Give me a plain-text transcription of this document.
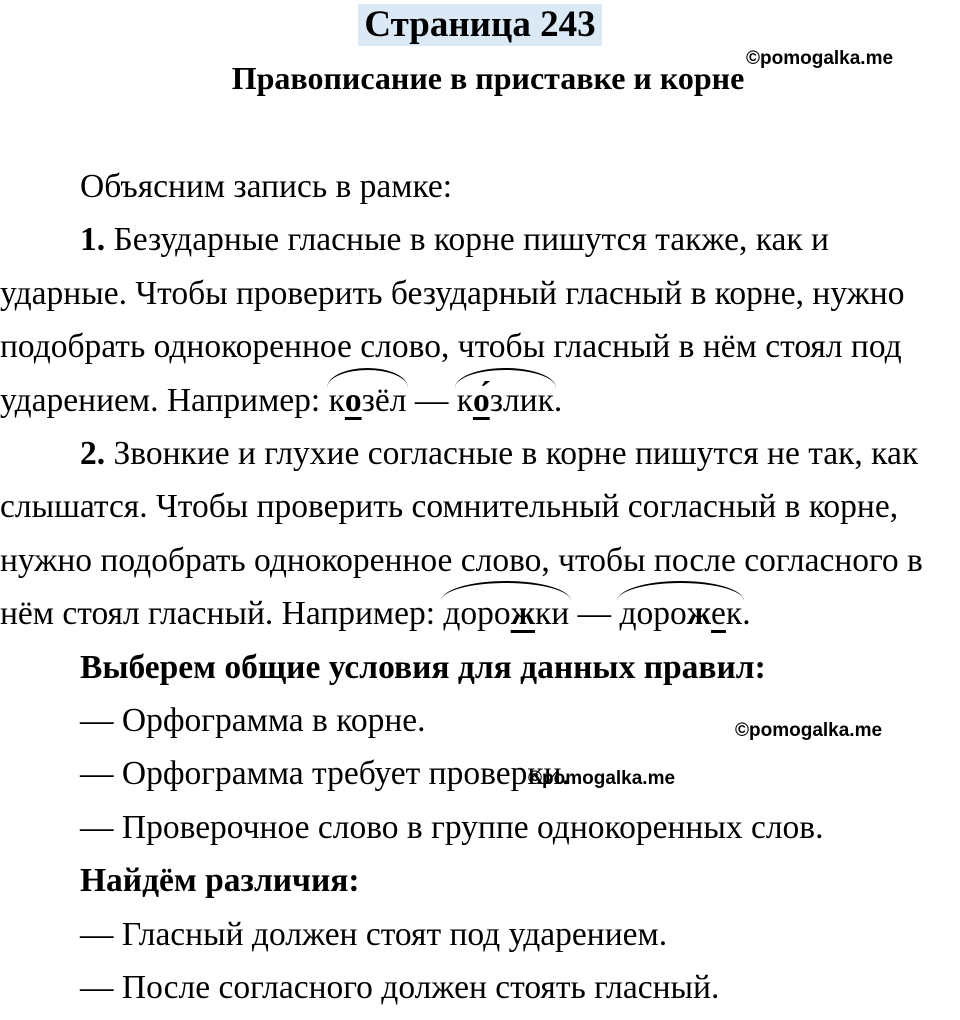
Страница 243
Правописание в приставке и корне
©pomogalka.me
©pomogalka.me
©pomogalka.me

Объясним запись в рамке:

1. Безударные гласные в корне пишутся также, как и ударные. Чтобы проверить безударный гласный в корне, нужно подобрать однокоренное слово, чтобы гласный в нём стоял под ударением. Например:
козёл —
ко́злик.

2. Звонкие и глухие согласные в корне пишутся не так, как слышатся. Чтобы проверить сомнительный согласный в корне, нужно подобрать однокоренное слово, чтобы после согласного в нём стоял гласный. Например:
дорожки —
дорожек.

Выберем общие условия для данных правил:

— Орфограмма в корне.

— Орфограмма требует проверки.

— Проверочное слово в группе однокоренных слов.

Найдём различия:

— Гласный должен стоят под ударением.

— После согласного должен стоять гласный.
